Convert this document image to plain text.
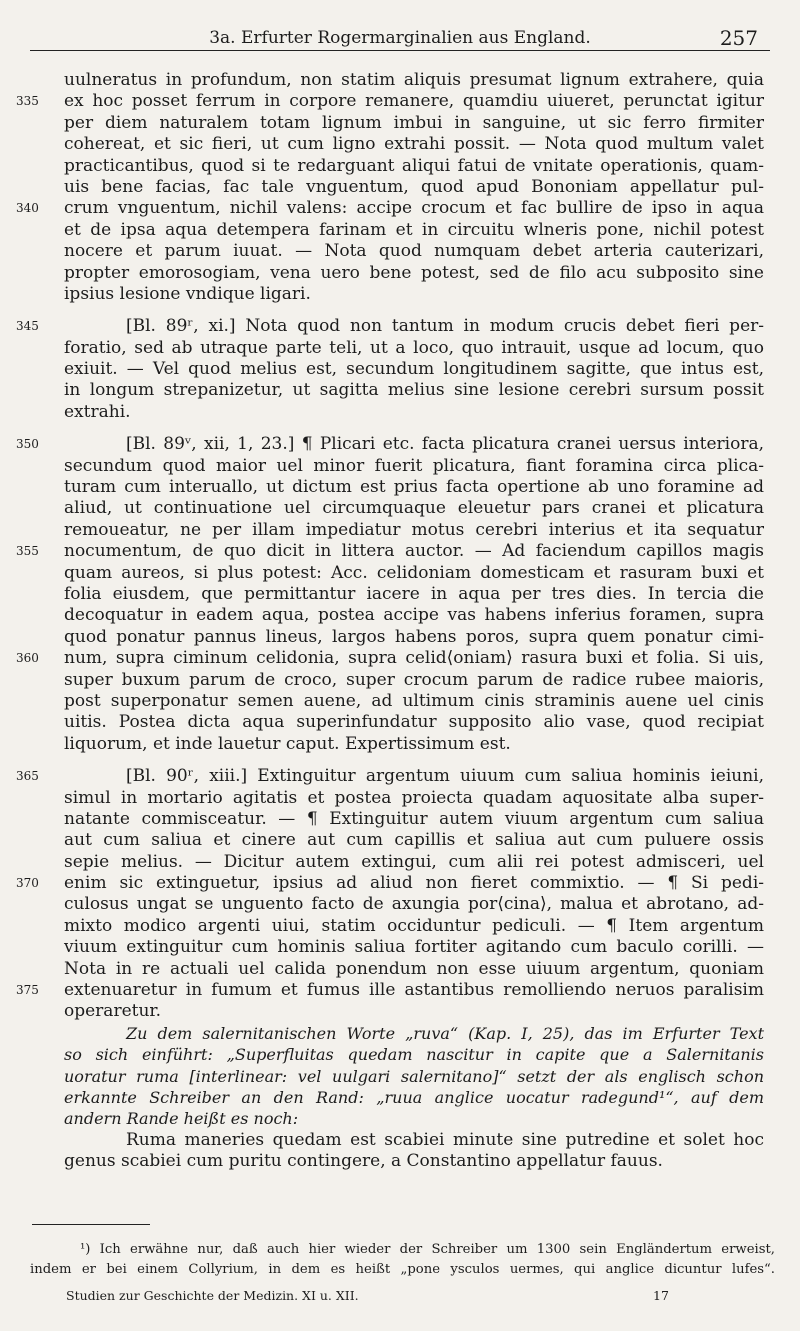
3a. Erfurter Rogermarginalien aus England.	257
uulneratus in profundum, non statim aliquis presumat lignum extrahere, quia
335	ex hoc posset ferrum in corpore remanere, quamdiu uiueret, perunctat igitur
per diem naturalem totam lignum imbui in sanguine, ut sic ferro firmiter
cohereat, et sic fieri, ut cum ligno extrahi possit. — Nota quod multum valet
practicantibus, quod si te redarguant aliqui fatui de vnitate operationis, quam-
uis bene facias, fac tale vnguentum, quod apud Bononiam appellatur pul-
340	crum vnguentum, nichil valens: accipe crocum et fac bullire de ipso in aqua
et de ipsa aqua detempera farinam et in circuitu wlneris pone, nichil potest
nocere et parum iuuat. — Nota quod numquam debet arteria cauterizari,
propter emorosogiam, vena uero bene potest, sed de filo acu subposito sine
ipsius lesione vndique ligari.
345	[Bl. 89ʳ, xi.] Nota quod non tantum in modum crucis debet fieri per-
foratio, sed ab utraque parte teli, ut a loco, quo intrauit, usque ad locum, quo
exiuit. — Vel quod melius est, secundum longitudinem sagitte, que intus est,
in longum strepanizetur, ut sagitta melius sine lesione cerebri sursum possit
extrahi.
350	[Bl. 89ᵛ, xii, 1, 23.] ¶ Plicari etc. facta plicatura cranei uersus interiora,
secundum quod maior uel minor fuerit plicatura, fiant foramina circa plica-
turam cum interuallo, ut dictum est prius facta opertione ab uno foramine ad
aliud, ut continuatione uel circumquaque eleuetur pars cranei et plicatura
remoueatur, ne per illam impediatur motus cerebri interius et ita sequatur
355	nocumentum, de quo dicit in littera auctor. — Ad faciendum capillos magis
quam aureos, si plus potest: Acc. celidoniam domesticam et rasuram buxi et
folia eiusdem, que permittantur iacere in aqua per tres dies. In tercia die
decoquatur in eadem aqua, postea accipe vas habens inferius foramen, supra
quod ponatur pannus lineus, largos habens poros, supra quem ponatur cimi-
360	num, supra ciminum celidonia, supra celid⟨oniam⟩ rasura buxi et folia. Si uis,
super buxum parum de croco, super crocum parum de radice rubee maioris,
post superponatur semen auene, ad ultimum cinis straminis auene uel cinis
uitis. Postea dicta aqua superinfundatur supposito alio vase, quod recipiat
liquorum, et inde lauetur caput. Expertissimum est.
365	[Bl. 90ʳ, xiii.] Extinguitur argentum uiuum cum saliua hominis ieiuni,
simul in mortario agitatis et postea proiecta quadam aquositate alba super-
natante commisceatur. — ¶ Extinguitur autem viuum argentum cum saliua
aut cum saliua et cinere aut cum capillis et saliua aut cum puluere ossis
sepie melius. — Dicitur autem extingui, cum alii rei potest admisceri, uel
370	enim sic extinguetur, ipsius ad aliud non fieret commixtio. — ¶ Si pedi-
culosus ungat se unguento facto de axungia por⟨cina⟩, malua et abrotano, ad-
mixto modico argenti uiui, statim occiduntur pediculi. — ¶ Item argentum
viuum extinguitur cum hominis saliua fortiter agitando cum baculo corilli. —
Nota in re actuali uel calida ponendum non esse uiuum argentum, quoniam
375	extenuaretur in fumum et fumus ille astantibus remolliendo neruos paralisim
operaretur.
Zu dem salernitanischen Worte „ruva“ (Kap. I, 25), das im Erfurter Text
so sich einführt: „Superfluitas quedam nascitur in capite que a Salernitanis
uoratur ruma [interlinear: vel uulgari salernitano]“ setzt der als englisch schon
erkannte Schreiber an den Rand: „ruua anglice uocatur radegund¹“, auf dem
andern Rande heißt es noch:
Ruma maneries quedam est scabiei minute sine putredine et solet hoc
genus scabiei cum puritu contingere, a Constantino appellatur fauus.
¹) Ich erwähne nur, daß auch hier wieder der Schreiber um 1300 sein Engländertum erweist,
indem er bei einem Collyrium, in dem es heißt „pone ysculos uermes, qui anglice dicuntur lufes“.
Studien zur Geschichte der Medizin. XI u. XII.	17
